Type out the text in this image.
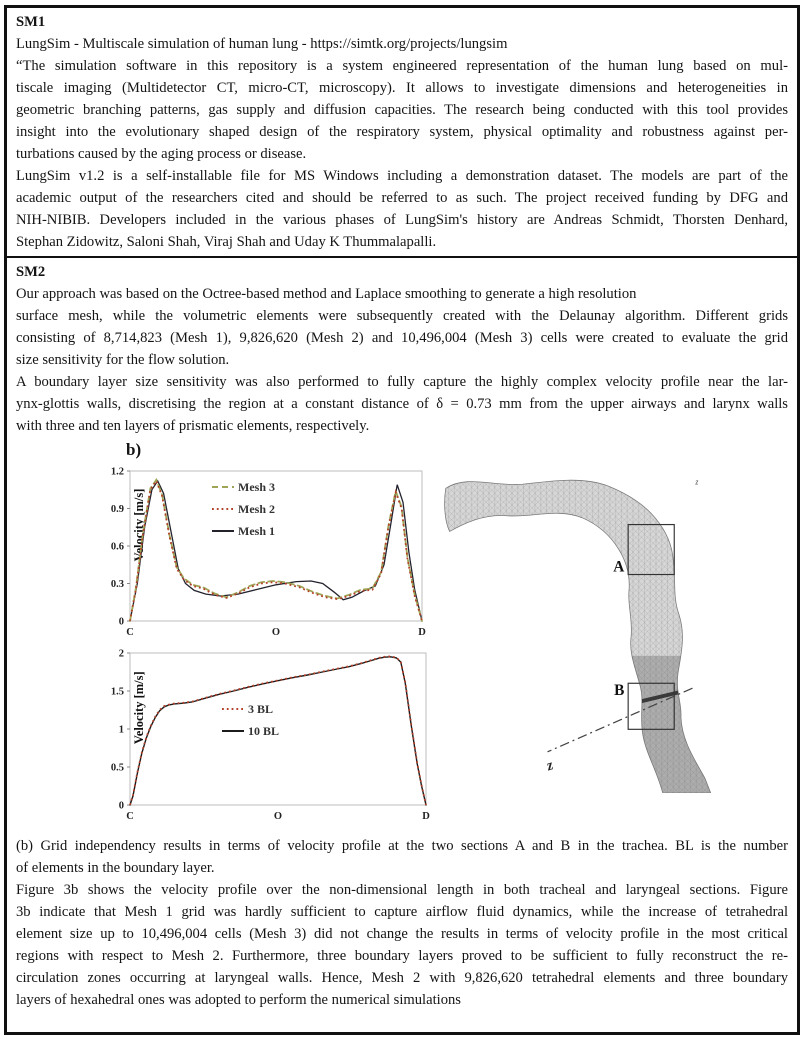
SM1
LungSim - Multiscale simulation of human lung - https://simtk.org/projects/lungsim
“The simulation software in this repository is a system engineered representation of the human lung based on mul-
tiscale imaging (Multidetector CT, micro-CT, microscopy). It allows to investigate dimensions and heterogeneities in
geometric branching patterns, gas supply and diffusion capacities. The research being conducted with this tool provides
insight into the evolutionary shaped design of the respiratory system, physical optimality and robustness against per-
turbations caused by the aging process or disease.
LungSim v1.2 is a self-installable file for MS Windows including a demonstration dataset. The models are part of the
academic output of the researchers cited and should be referred to as such. The project received funding by DFG and
NIH-NIBIB. Developers included in the various phases of LungSim's history are Andreas Schmidt, Thorsten Denhard,
Stephan Zidowitz, Saloni Shah, Viraj Shah and Uday K Thummalapalli.
SM2
Our approach was based on the Octree-based method and Laplace smoothing to generate a high resolution
surface mesh, while the volumetric elements were subsequently created with the Delaunay algorithm. Different grids
consisting of 8,714,823 (Mesh 1), 9,826,620 (Mesh 2) and 10,496,004 (Mesh 3) cells were created to evaluate the grid
size sensitivity for the flow solution.
A boundary layer size sensitivity was also performed to fully capture the highly complex velocity profile near the lar-
ynx-glottis walls, discretising the region at a constant distance of δ = 0.73 mm from the upper airways and larynx walls
with three and ten layers of prismatic elements, respectively.
b)
0
0.3
0.6
0.9
1.2
C	O	D
Velocity [m/s]
Mesh 3
Mesh 2
Mesh 1
0
0.5
1
1.5
2
C	O	D
Velocity [m/s]	3 BL
10 BL
A
B
z
z
(b) Grid independency results in terms of velocity profile at the two sections A and B in the trachea. BL is the number
of elements in the boundary layer.
Figure 3b shows the velocity profile over the non-dimensional length in both tracheal and laryngeal sections. Figure
3b indicate that Mesh 1 grid was hardly sufficient to capture airflow fluid dynamics, while the increase of tetrahedral
element size up to 10,496,004 cells (Mesh 3) did not change the results in terms of velocity profile in the most critical
regions with respect to Mesh 2. Furthermore, three boundary layers proved to be sufficient to fully reconstruct the re-
circulation zones occurring at laryngeal walls. Hence, Mesh 2 with 9,826,620 tetrahedral elements and three boundary
layers of hexahedral ones was adopted to perform the numerical simulations
